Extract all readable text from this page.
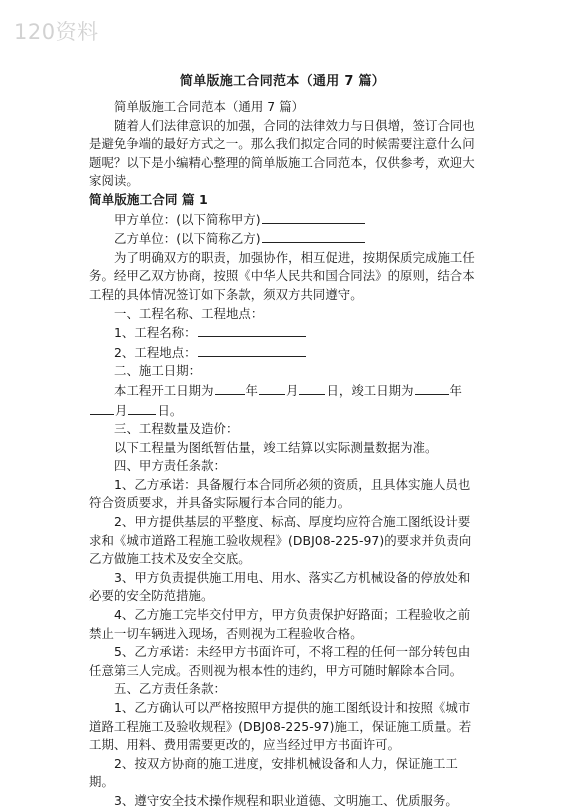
120资料
简单版施工合同范本（通用 7 篇）

简单版施工合同范本（通用 7 篇）

随着人们法律意识的加强，合同的法律效力与日俱增，签订合同也是避免争端的最好方式之一。那么我们拟定合同的时候需要注意什么问题呢？以下是小编精心整理的简单版施工合同范本，仅供参考，欢迎大家阅读。

简单版施工合同 篇 1

甲方单位：(以下简称甲方)

乙方单位：(以下简称乙方)

为了明确双方的职责，加强协作，相互促进，按期保质完成施工任务。经甲乙双方协商，按照《中华人民共和国合同法》的原则，结合本工程的具体情况签订如下条款，须双方共同遵守。

一、工程名称、工程地点：

1、工程名称：

2、工程地点：

二、施工日期：

本工程开工日期为	年 月 日，竣工日期为	年月 日。

三、工程数量及造价：

以下工程量为图纸暂估量，竣工结算以实际测量数据为准。

四、甲方责任条款：

1、乙方承诺：具备履行本合同所必须的资质，且具体实施人员也符合资质要求，并具备实际履行本合同的能力。

2、甲方提供基层的平整度、标高、厚度均应符合施工图纸设计要求和《城市道路工程施工验收规程》(DBJ08-225-97)的要求并负责向乙方做施工技术及安全交底。

3、甲方负责提供施工用电、用水、落实乙方机械设备的停放处和必要的安全防范措施。

4、乙方施工完毕交付甲方，甲方负责保护好路面；工程验收之前禁止一切车辆进入现场，否则视为工程验收合格。

5、乙方承诺：未经甲方书面许可，不将工程的任何一部分转包由任意第三人完成。否则视为根本性的违约，甲方可随时解除本合同。

五、乙方责任条款：

1、乙方确认可以严格按照甲方提供的施工图纸设计和按照《城市道路工程施工及验收规程》(DBJ08-225-97)施工，保证施工质量。若工期、用料、费用需要更改的，应当经过甲方书面许可。

2、按双方协商的施工进度，安排机械设备和人力，保证施工工期。

3、遵守安全技术操作规程和职业道德、文明施工、优质服务。
